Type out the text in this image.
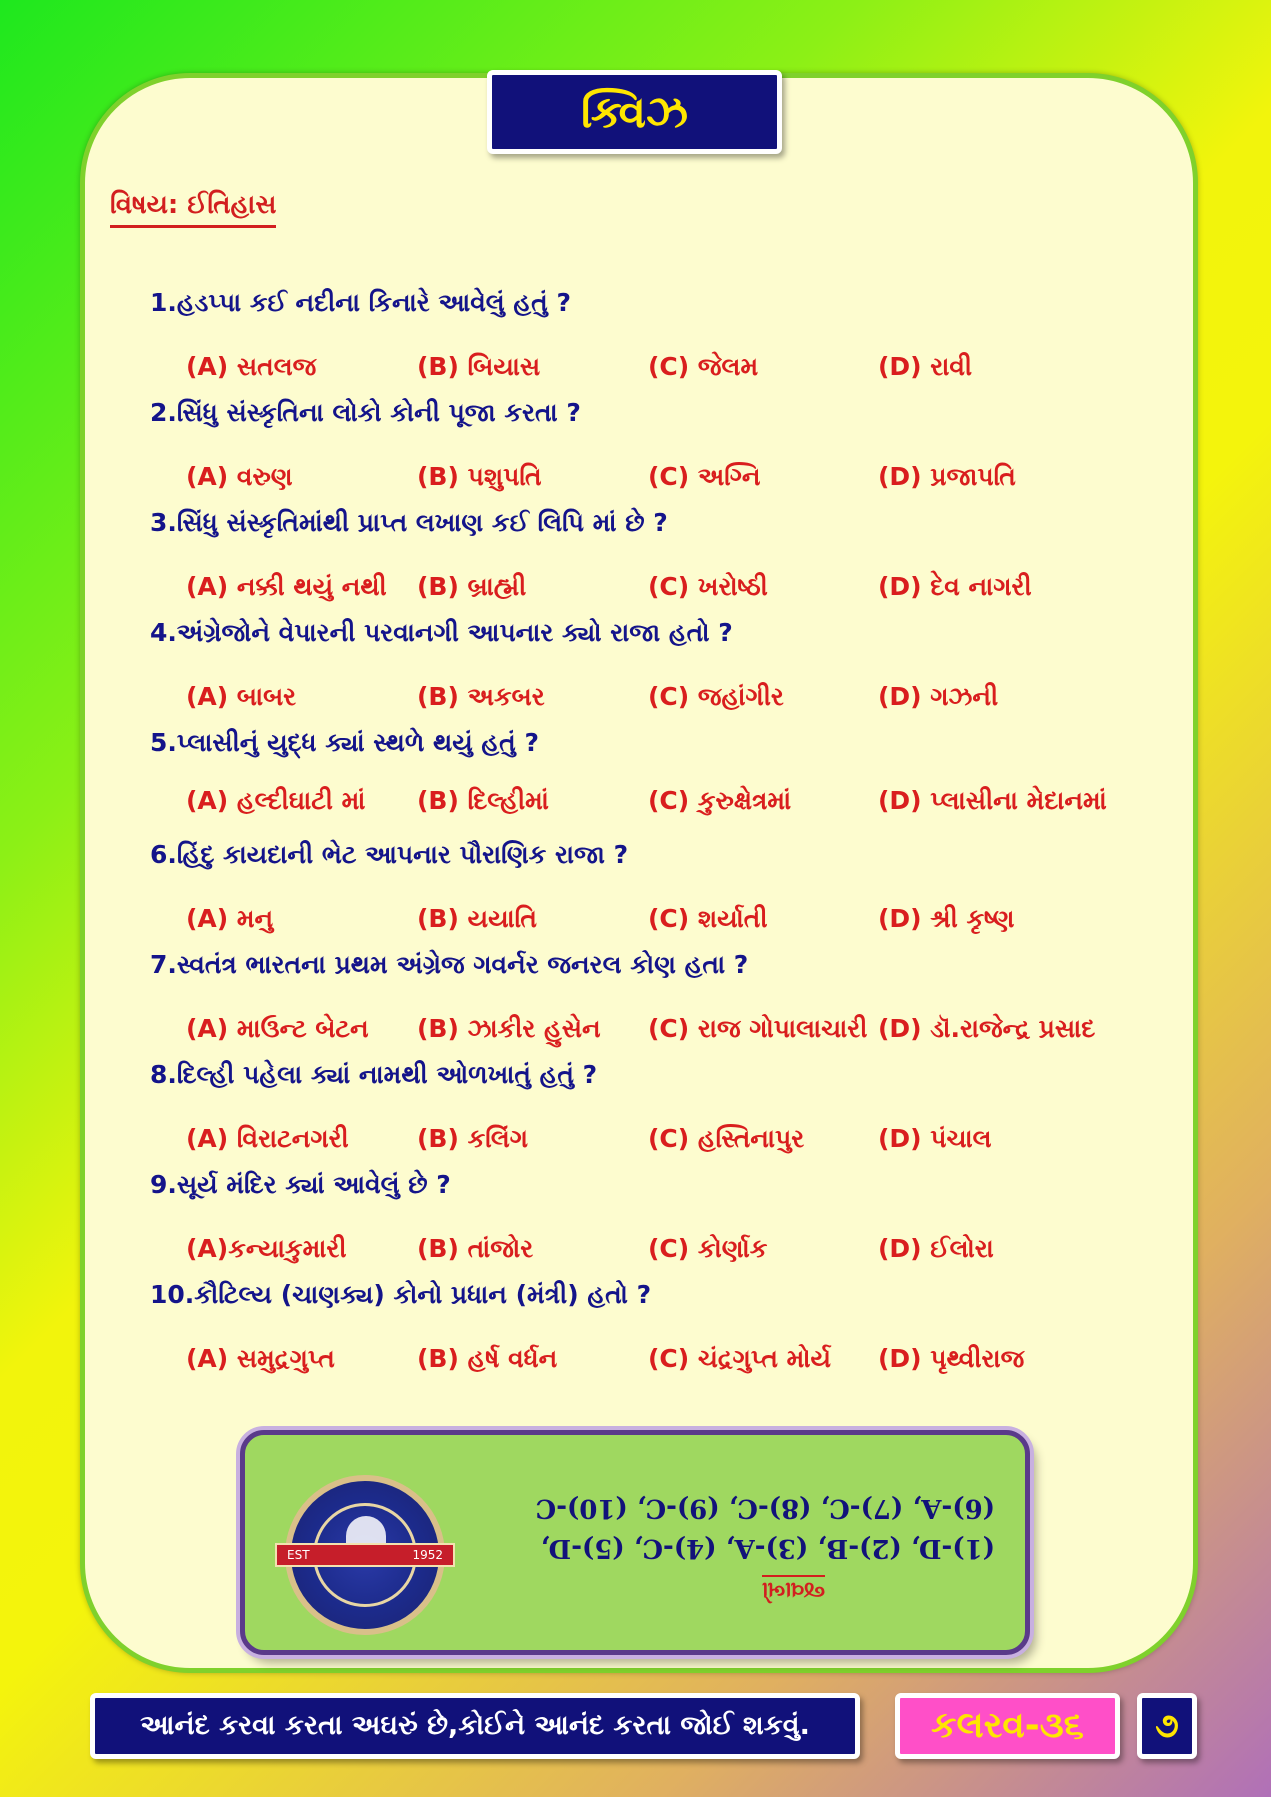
ક્વિઝ
વિષય: ઈતિહાસ
1.હડપ્પા કઈ નદીના કિનારે આવેલું હતું ?
(A) સતલજ	(B) બિયાસ	(C) જેલમ	(D) રાવી
2.સિંધુ સંસ્કૃતિના લોકો કોની પૂજા કરતા ?
(A) વરુણ	(B) પશુપતિ	(C) અગ્નિ	(D) પ્રજાપતિ
3.સિંધુ સંસ્કૃતિમાંથી પ્રાપ્ત લખાણ કઈ લિપિ માં છે ?
(A) નક્કી થયું નથી (B) બ્રાહ્મી	(C) ખરોષ્ઠી	(D) દેવ નાગરી
4.અંગ્રેજોને વેપારની પરવાનગી આપનાર ક્યો રાજા હતો ?
(A) બાબર	(B) અકબર	(C) જહાંગીર	(D) ગઝની
5.પ્લાસીનું યુદ્ધ ક્યાં સ્થળે થયું હતું ?
(A) હલ્દીઘાટી માં (B) દિલ્હીમાં	(C) કુરુક્ષેત્રમાં	(D) પ્લાસીના મેદાનમાં
6.હિંદુ કાયદાની ભેટ આપનાર પૌરાણિક રાજા ?
(A) મનુ	(B) યયાતિ	(C) શર્યાતી	(D) શ્રી કૃષ્ણ
7.સ્વતંત્ર ભારતના પ્રથમ અંગ્રેજ ગવર્નર જનરલ કોણ હતા ?
(A) માઉન્ટ બેટન (B) ઝાકીર હુસેન (C) રાજ ગોપાલાચારી (D) ડૉ.રાજેન્દ્ર પ્રસાદ
8.દિલ્હી પહેલા ક્યાં નામથી ઓળખાતું હતું ?
(A) વિરાટનગરી	(B) કલિંગ	(C) હસ્તિનાપુર	(D) પંચાલ
9.સૂર્ય મંદિર ક્યાં આવેલું છે ?
(A)કન્યાકુમારી	(B) તાંજોર	(C) કોર્ણાક	(D) ઈલોરા
10.કૌટિલ્ય (ચાણક્ય) કોનો પ્રધાન (મંત્રી) હતો ?
(A) સમુદ્રગુપ્ત	(B) હર્ષ વર્ધન	(C) ચંદ્રગુપ્ત મોર્ય (D) પૃથ્વીરાજ
EST	1952
જવાબો
(1)-D, (2)-B, (3)-A, (4)-C, (5)-D,
(6)-A, (7)-C, (8)-C, (9)-C, (10)-C
આનંદ કરવા કરતા અઘરું છે,કોઈને આનંદ કરતા જોઈ શકવું.	કલરવ-૩૬	૭
